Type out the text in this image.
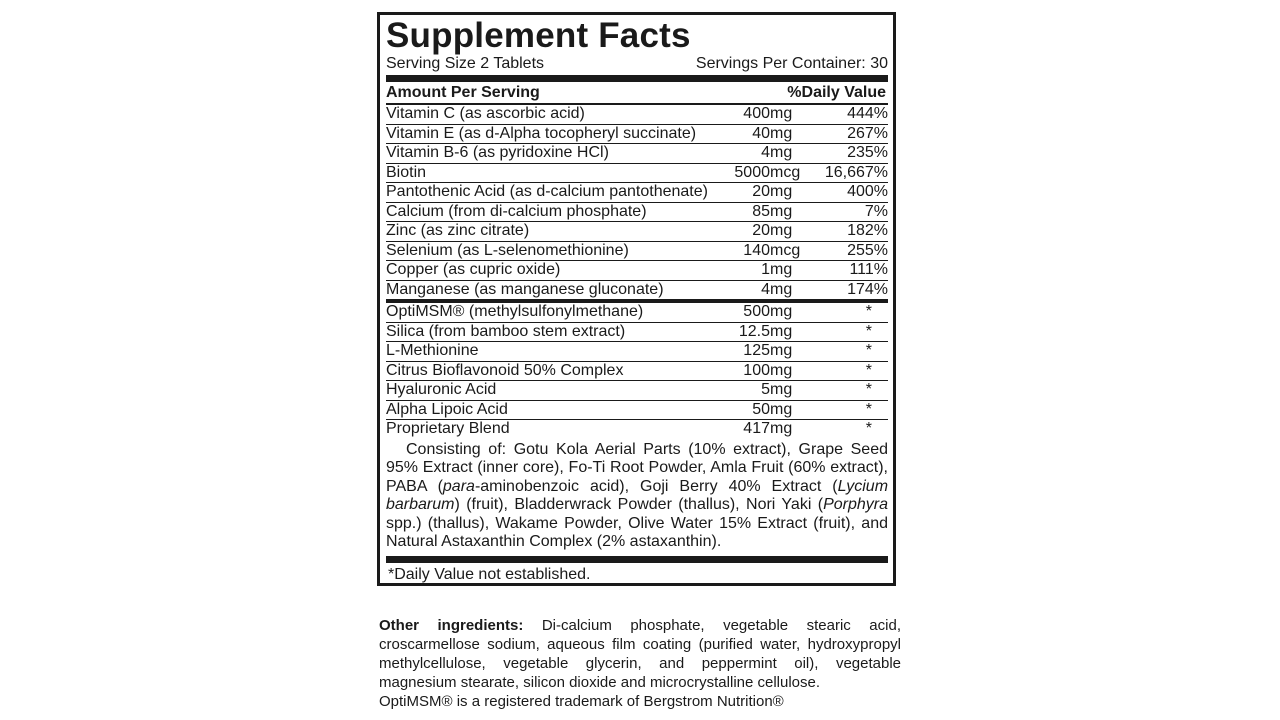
Supplement Facts
Serving Size 2 Tablets	Servings Per Container: 30
Amount Per Serving	%Daily Value
Vitamin C (as ascorbic acid)	400mg	444%
Vitamin E (as d-Alpha tocopheryl succinate)	40mg	267%
Vitamin B-6 (as pyridoxine HCl)	4mg	235%
Biotin	5000mcg	16,667%
Pantothenic Acid (as d-calcium pantothenate)	20mg	400%
Calcium (from di-calcium phosphate)	85mg	7%
Zinc (as zinc citrate)	20mg	182%
Selenium (as L-selenomethionine)	140mcg	255%
Copper (as cupric oxide)	1mg	111%
Manganese (as manganese gluconate)	4mg	174%
OptiMSM® (methylsulfonylmethane)	500mg	*
Silica (from bamboo stem extract)	12.5mg	*
L-Methionine	125mg	*
Citrus Bioflavonoid 50% Complex	100mg	*
Hyaluronic Acid	5mg	*
Alpha Lipoic Acid	50mg	*
Proprietary Blend	417mg	*
Consisting of: Gotu Kola Aerial Parts (10% extract), Grape Seed 95% Extract (inner core), Fo-Ti Root Powder, Amla Fruit (60% extract), PABA (para-aminobenzoic acid), Goji Berry 40% Extract (Lycium barbarum) (fruit), Bladderwrack Powder (thallus), Nori Yaki (Porphyra spp.) (thallus), Wakame Powder, Olive Water 15% Extract (fruit), and Natural Astaxanthin Complex (2% astaxanthin).
*Daily Value not established.
Other ingredients: Di-calcium phosphate, vegetable stearic acid, croscarmellose sodium, aqueous film coating (purified water, hydroxypropyl methylcellulose, vegetable glycerin, and peppermint oil), vegetable magnesium stearate, silicon dioxide and microcrystalline cellulose.
OptiMSM® is a registered trademark of Bergstrom Nutrition®
